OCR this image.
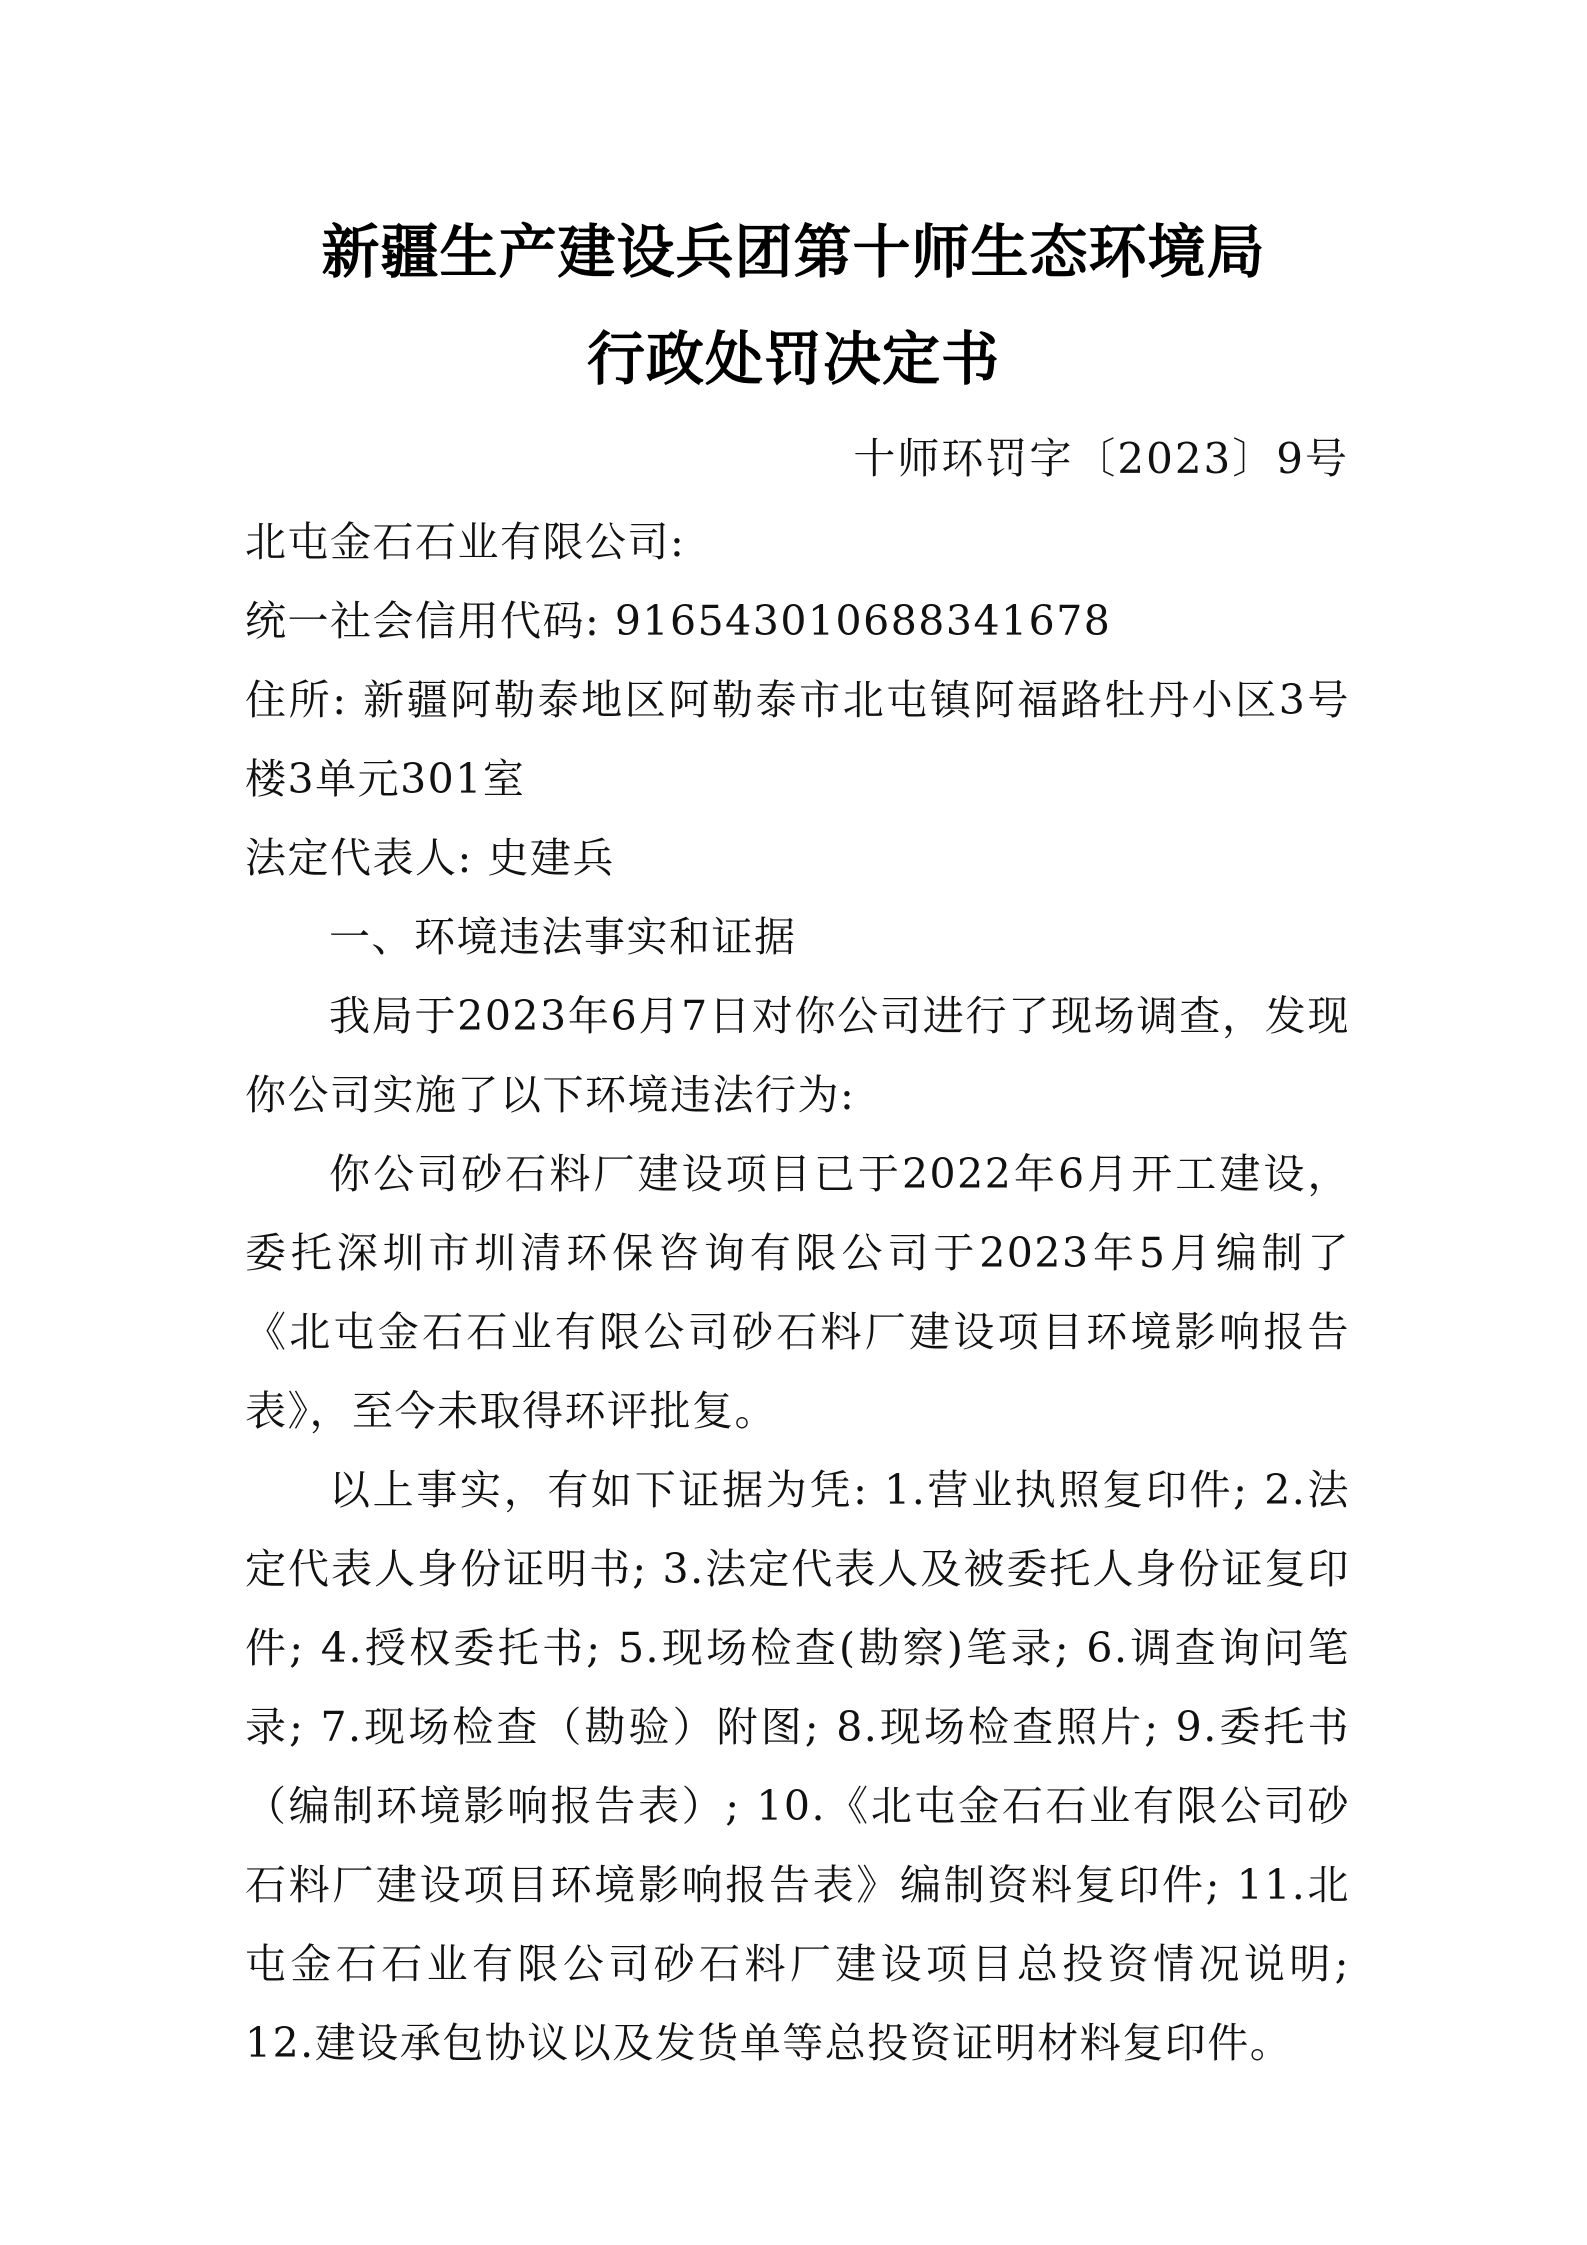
新疆生产建设兵团第十师生态环境局
行政处罚决定书
十师环罚字〔2023〕9号

北屯金石石业有限公司:

统一社会信用代码: 916543010688341678

住所: 新疆阿勒泰地区阿勒泰市北屯镇阿福路牡丹小区3号楼3单元301室

法定代表人: 史建兵

一、环境违法事实和证据

我局于2023年6月7日对你公司进行了现场调查，发现你公司实施了以下环境违法行为:

你公司砂石料厂建设项目已于2022年6月开工建设，委托深圳市圳清环保咨询有限公司于2023年5月编制了《北屯金石石业有限公司砂石料厂建设项目环境影响报告表》，至今未取得环评批复。

以上事实，有如下证据为凭: 1.营业执照复印件; 2.法定代表人身份证明书; 3.法定代表人及被委托人身份证复印件; 4.授权委托书; 5.现场检查(勘察)笔录; 6.调查询问笔录; 7.现场检查（勘验）附图; 8.现场检查照片; 9.委托书（编制环境影响报告表）; 10.《北屯金石石业有限公司砂石料厂建设项目环境影响报告表》编制资料复印件; 11.北屯金石石业有限公司砂石料厂建设项目总投资情况说明; 12.建设承包协议以及发货单等总投资证明材料复印件。
